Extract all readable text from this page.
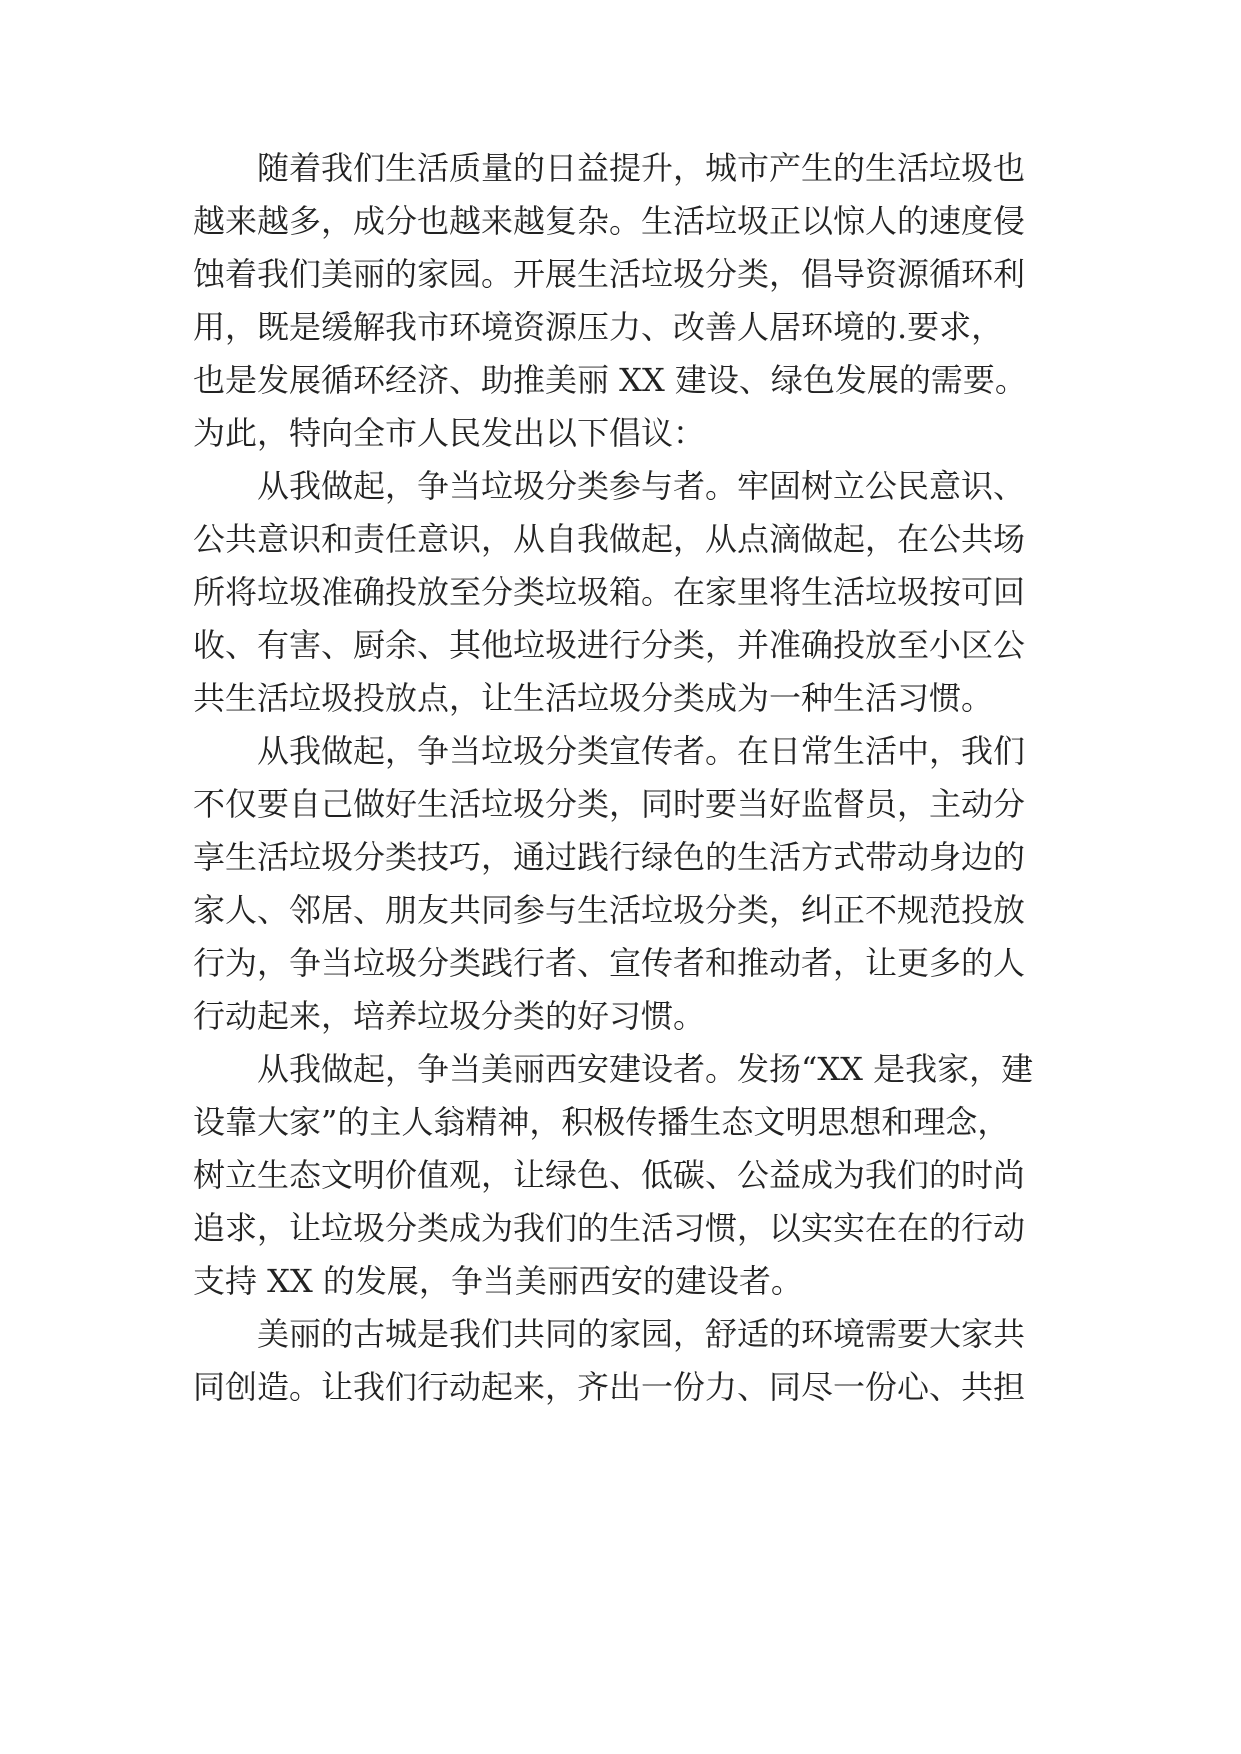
随着我们生活质量的日益提升，城市产生的生活垃圾也
越来越多，成分也越来越复杂。生活垃圾正以惊人的速度侵
蚀着我们美丽的家园。开展生活垃圾分类，倡导资源循环利
用，既是缓解我市环境资源压力、改善人居环境的.要求，
也是发展循环经济、助推美丽 XX 建设、绿色发展的需要。
为此，特向全市人民发出以下倡议：
从我做起，争当垃圾分类参与者。牢固树立公民意识、
公共意识和责任意识，从自我做起，从点滴做起，在公共场
所将垃圾准确投放至分类垃圾箱。在家里将生活垃圾按可回
收、有害、厨余、其他垃圾进行分类，并准确投放至小区公
共生活垃圾投放点，让生活垃圾分类成为一种生活习惯。
从我做起，争当垃圾分类宣传者。在日常生活中，我们
不仅要自己做好生活垃圾分类，同时要当好监督员，主动分
享生活垃圾分类技巧，通过践行绿色的生活方式带动身边的
家人、邻居、朋友共同参与生活垃圾分类，纠正不规范投放
行为，争当垃圾分类践行者、宣传者和推动者，让更多的人
行动起来，培养垃圾分类的好习惯。
从我做起，争当美丽西安建设者。发扬“XX 是我家，建
设靠大家”的主人翁精神，积极传播生态文明思想和理念，
树立生态文明价值观，让绿色、低碳、公益成为我们的时尚
追求，让垃圾分类成为我们的生活习惯，以实实在在的行动
支持 XX 的发展，争当美丽西安的建设者。
美丽的古城是我们共同的家园，舒适的环境需要大家共
同创造。让我们行动起来，齐出一份力、同尽一份心、共担
